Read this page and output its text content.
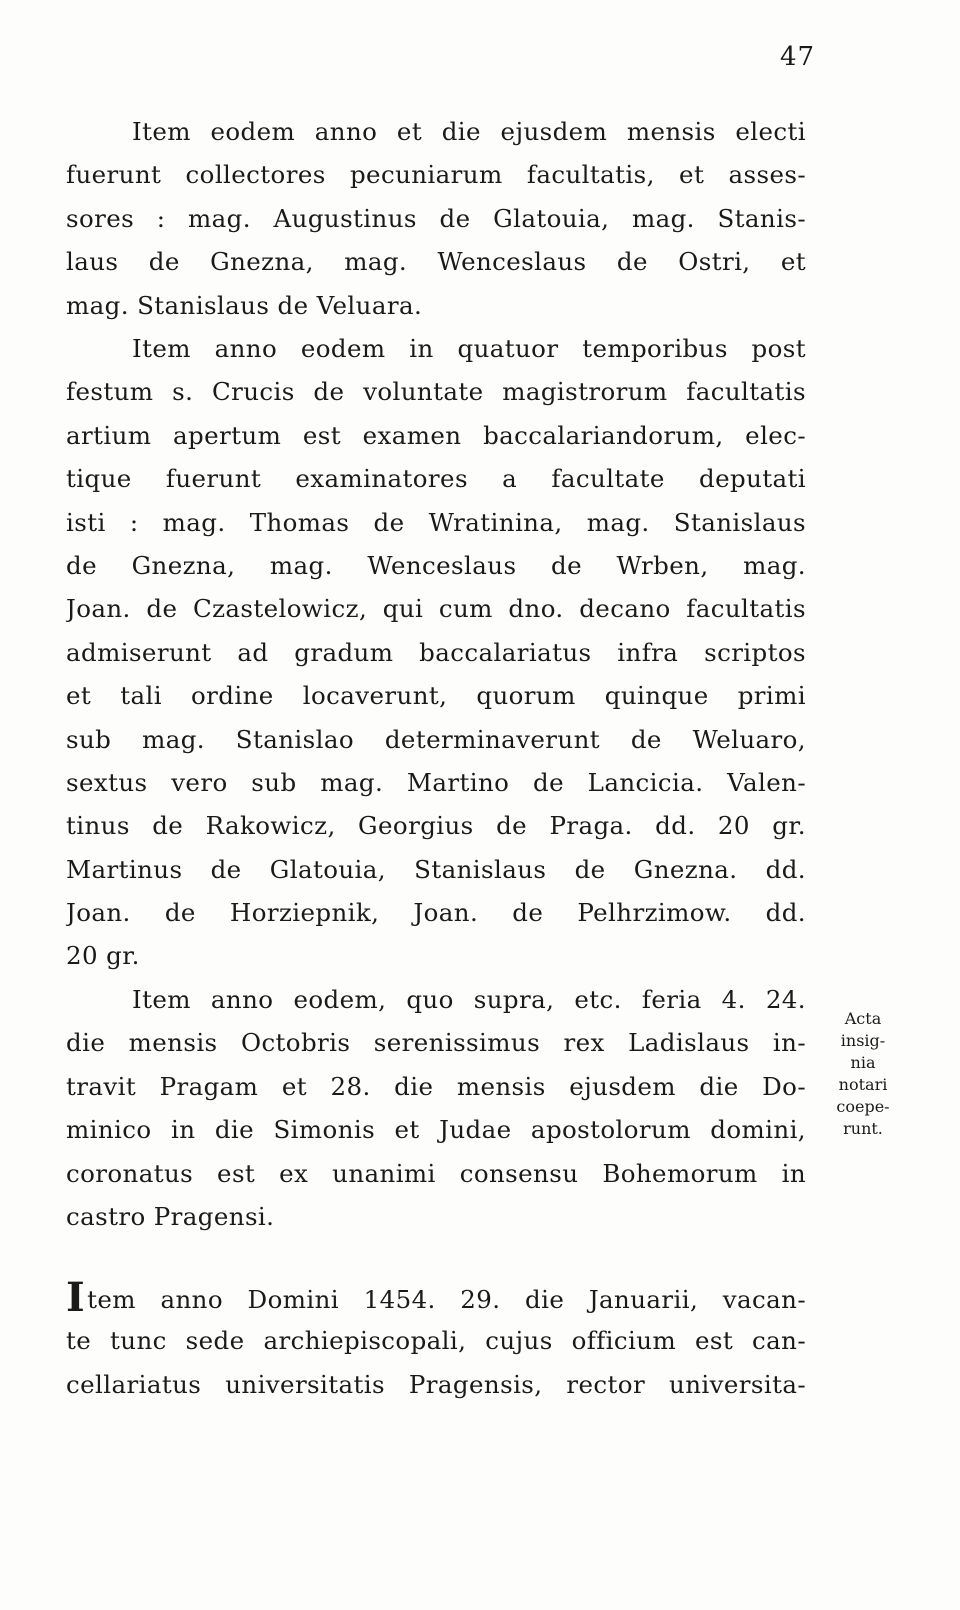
47
Item eodem anno et die ejusdem mensis electi
fuerunt collectores pecuniarum facultatis, et asses-
sores : mag. Augustinus de Glatouia, mag. Stanis-
laus de Gnezna, mag. Wenceslaus de Ostri, et
mag. Stanislaus de Veluara.
Item anno eodem in quatuor temporibus post
festum s. Crucis de voluntate magistrorum facultatis
artium apertum est examen baccalariandorum, elec-
tique fuerunt examinatores a facultate deputati
isti : mag. Thomas de Wratinina, mag. Stanislaus
de Gnezna, mag. Wenceslaus de Wrben, mag.
Joan. de Czastelowicz, qui cum dno. decano facultatis
admiserunt ad gradum baccalariatus infra scriptos
et tali ordine locaverunt, quorum quinque primi
sub mag. Stanislao determinaverunt de Weluaro,
sextus vero sub mag. Martino de Lancicia. Valen-
tinus de Rakowicz, Georgius de Praga. dd. 20 gr.
Martinus de Glatouia, Stanislaus de Gnezna. dd.
Joan. de Horziepnik, Joan. de Pelhrzimow. dd.
20 gr.
Item anno eodem, quo supra, etc. feria 4. 24.
die mensis Octobris serenissimus rex Ladislaus in-
travit Pragam et 28. die mensis ejusdem die Do-
minico in die Simonis et Judae apostolorum domini,
coronatus est ex unanimi consensu Bohemorum in
castro Pragensi.
Acta
insig-
nia
notari
coepe-
runt.
Item anno Domini 1454. 29. die Januarii, vacan-
te tunc sede archiepiscopali, cujus officium est can-
cellariatus universitatis Pragensis, rector universita-
